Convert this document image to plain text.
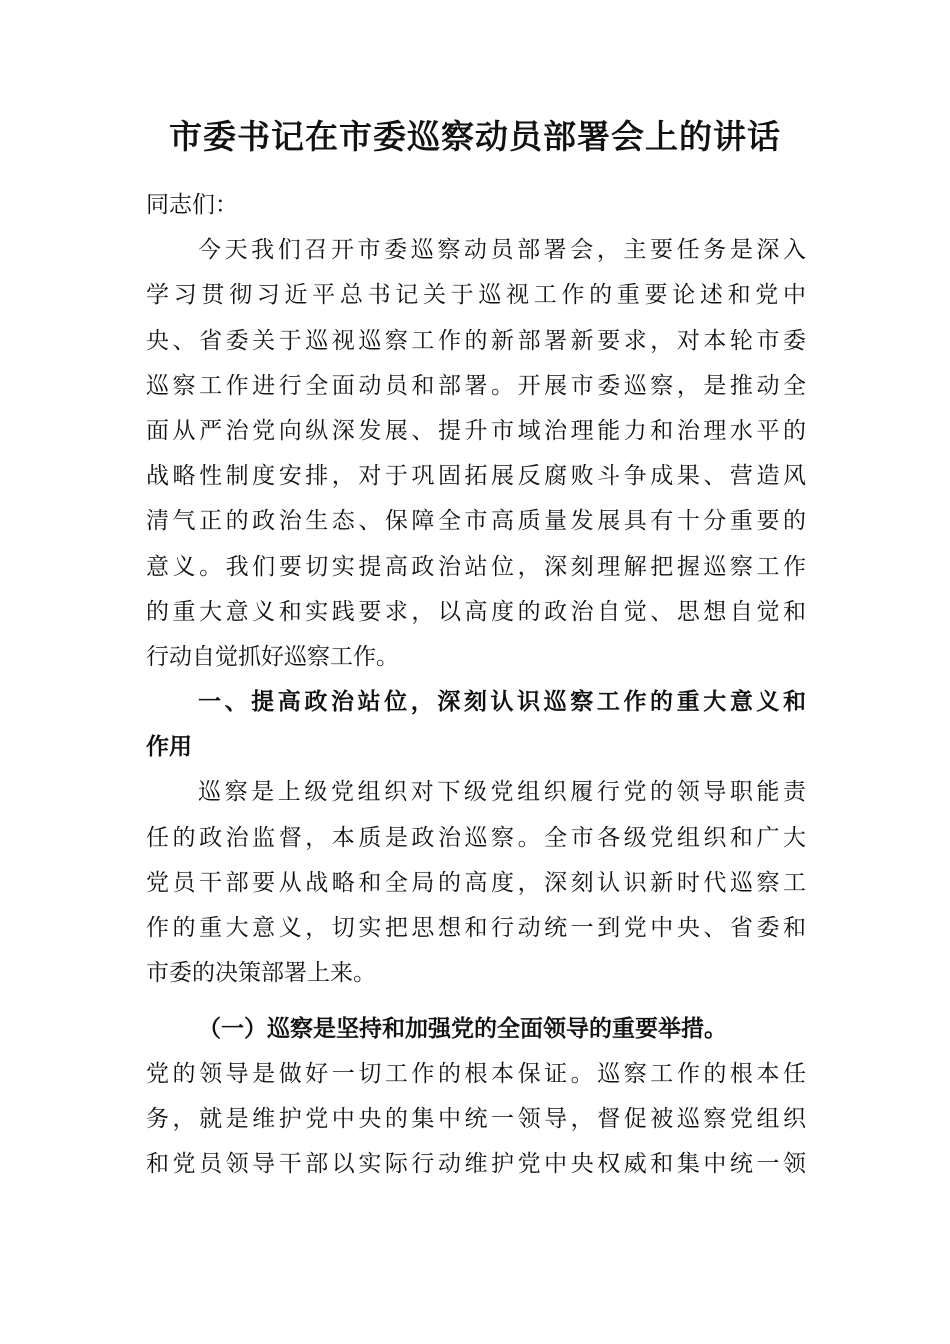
市委书记在市委巡察动员部署会上的讲话
同志们：
今天我们召开市委巡察动员部署会，主要任务是深入
学习贯彻习近平总书记关于巡视工作的重要论述和党中
央、省委关于巡视巡察工作的新部署新要求，对本轮市委
巡察工作进行全面动员和部署。开展市委巡察，是推动全
面从严治党向纵深发展、提升市域治理能力和治理水平的
战略性制度安排，对于巩固拓展反腐败斗争成果、营造风
清气正的政治生态、保障全市高质量发展具有十分重要的
意义。我们要切实提高政治站位，深刻理解把握巡察工作
的重大意义和实践要求，以高度的政治自觉、思想自觉和
行动自觉抓好巡察工作。
一、提高政治站位，深刻认识巡察工作的重大意义和
作用
巡察是上级党组织对下级党组织履行党的领导职能责
任的政治监督，本质是政治巡察。全市各级党组织和广大
党员干部要从战略和全局的高度，深刻认识新时代巡察工
作的重大意义，切实把思想和行动统一到党中央、省委和
市委的决策部署上来。
（一）巡察是坚持和加强党的全面领导的重要举措。
党的领导是做好一切工作的根本保证。巡察工作的根本任
务，就是维护党中央的集中统一领导，督促被巡察党组织
和党员领导干部以实际行动维护党中央权威和集中统一领
